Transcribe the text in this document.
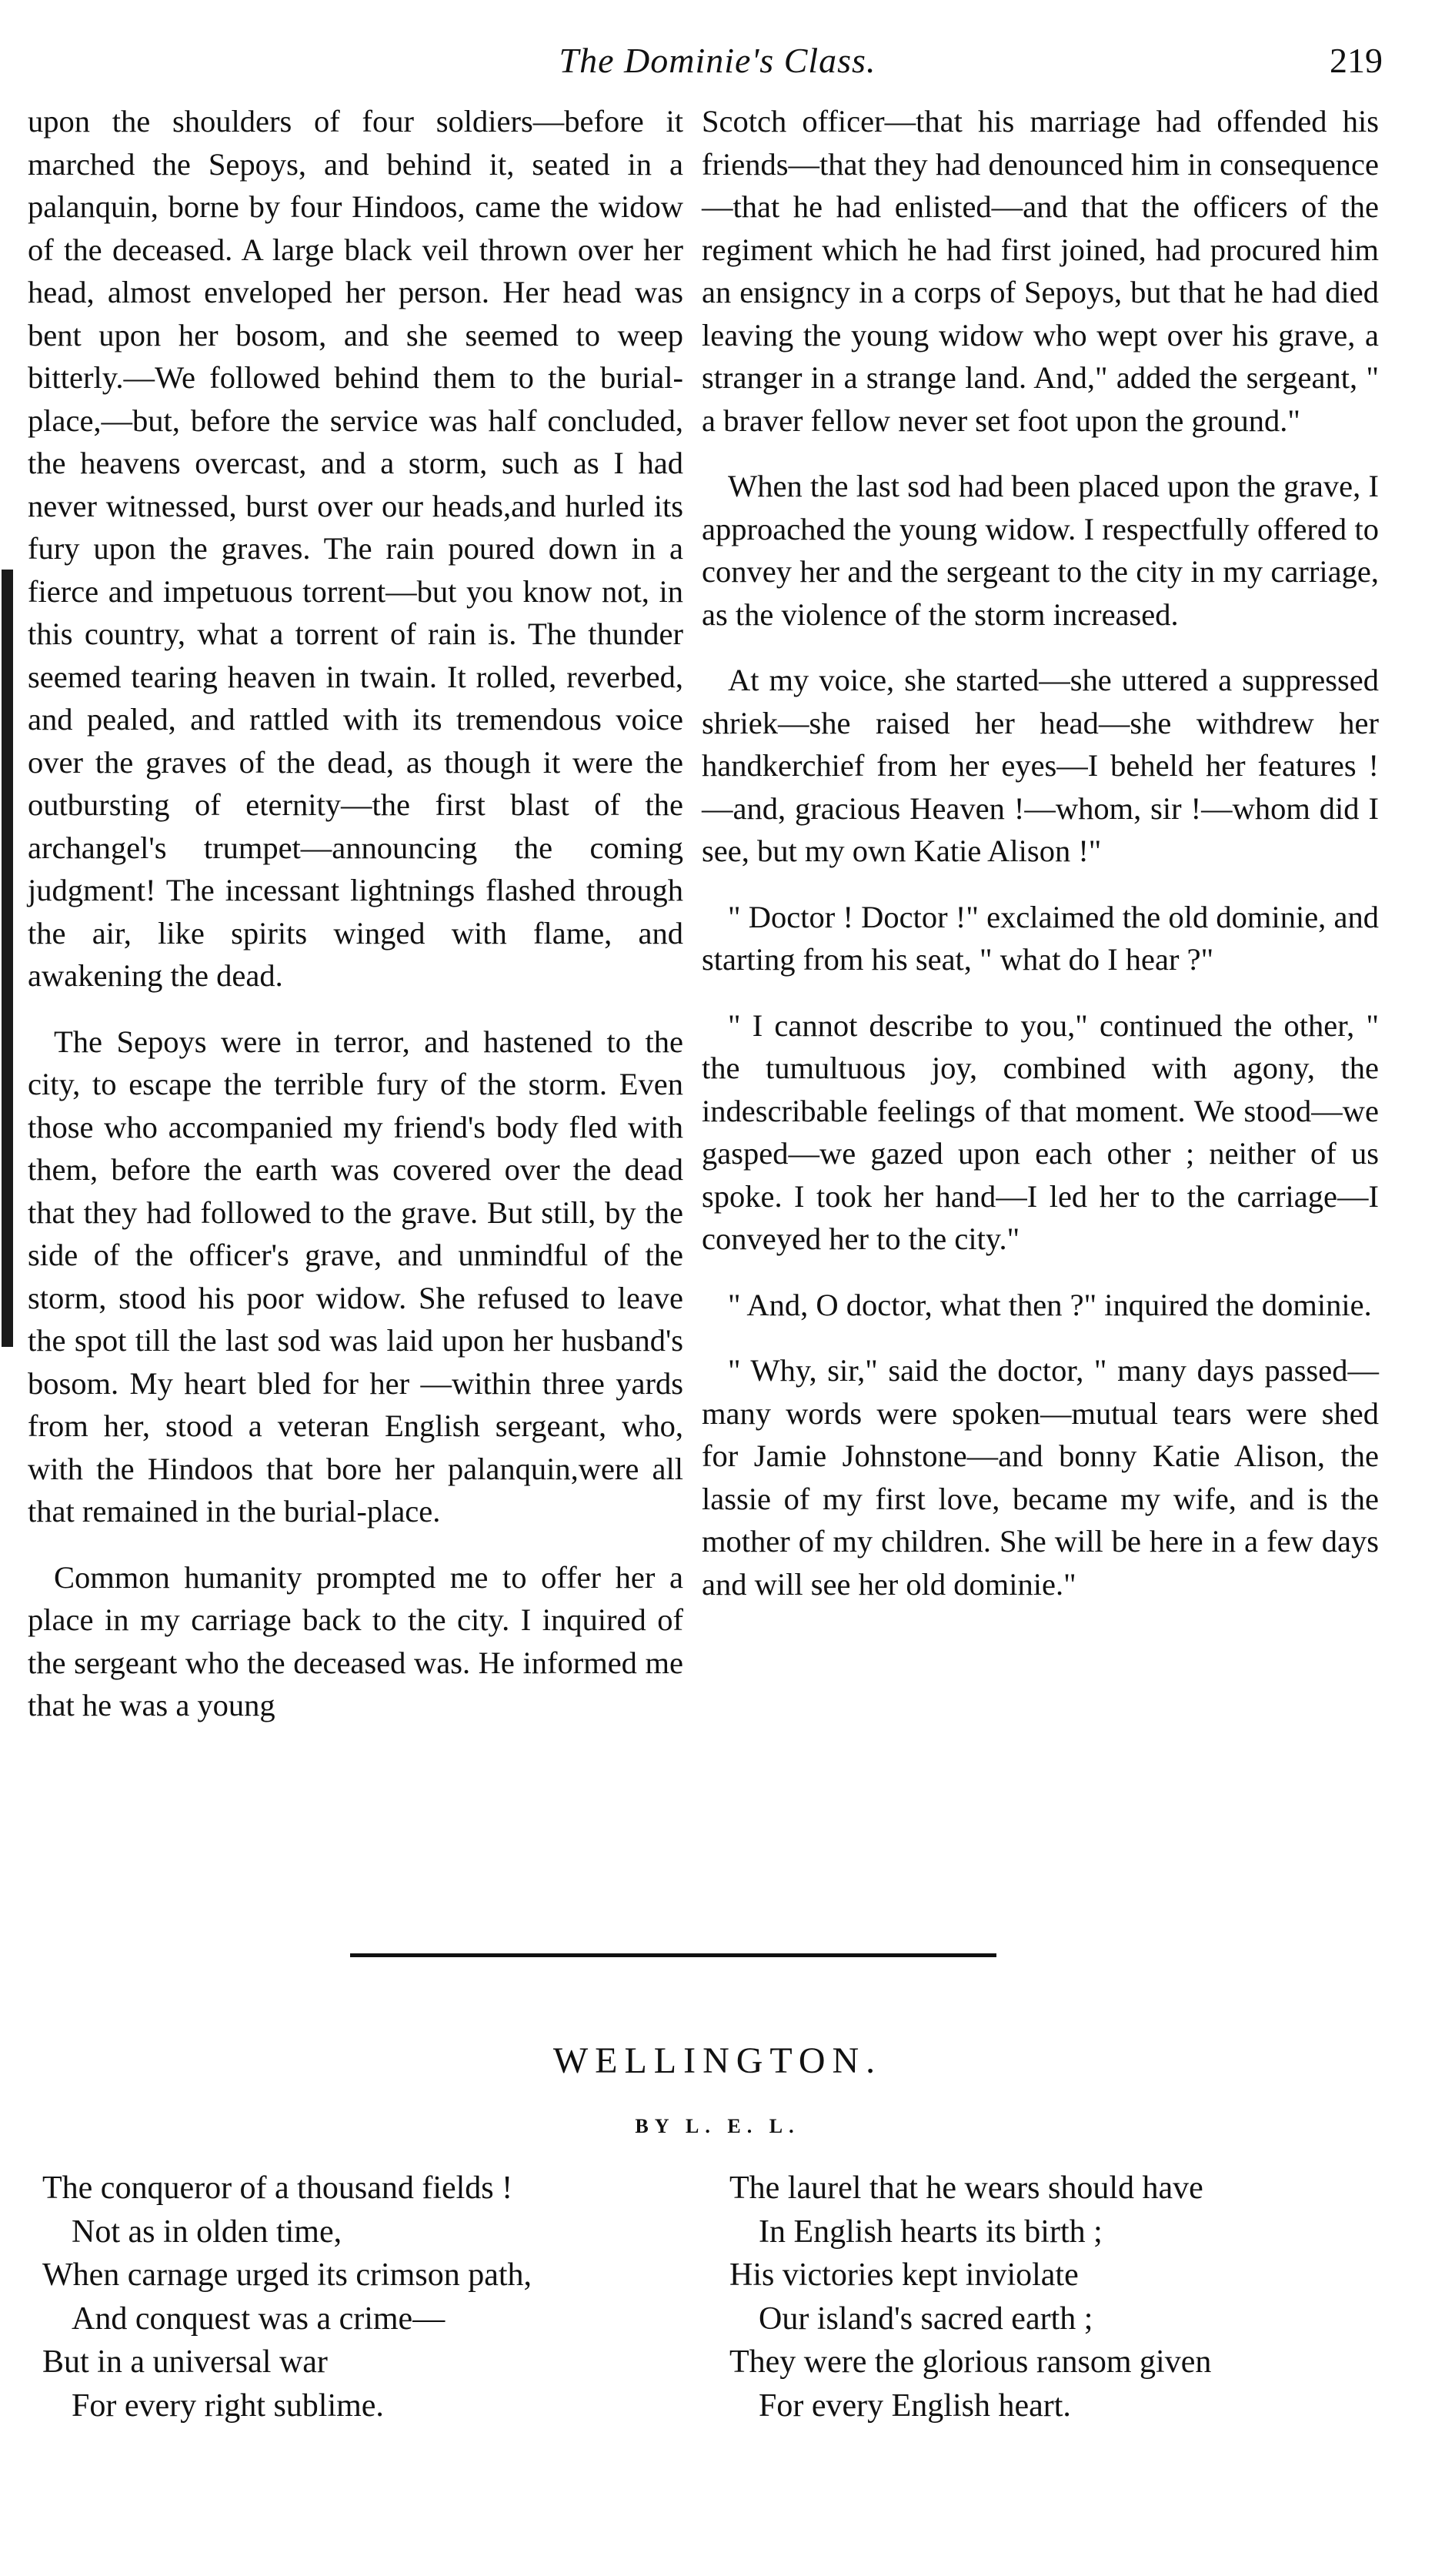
The Dominie's Class.	219

upon the shoulders of four soldiers—before it marched the Sepoys, and behind it, seated in a palanquin, borne by four Hindoos, came the widow of the deceased. A large black veil thrown over her head, almost enveloped her person. Her head was bent upon her bosom, and she seemed to weep bitterly.—We followed behind them to the burial-place,—but, before the service was half concluded, the heavens overcast, and a storm, such as I had never witnessed, burst over our heads,and hurled its fury upon the graves. The rain poured down in a fierce and impetuous torrent—but you know not, in this country, what a torrent of rain is. The thunder seemed tearing heaven in twain. It rolled, reverbed, and pealed, and rattled with its tremendous voice over the graves of the dead, as though it were the outbursting of eternity—the first blast of the archangel's trumpet—announcing the coming judgment! The incessant lightnings flashed through the air, like spirits winged with flame, and awakening the dead.

The Sepoys were in terror, and hastened to the city, to escape the terrible fury of the storm. Even those who accompanied my friend's body fled with them, before the earth was covered over the dead that they had followed to the grave. But still, by the side of the officer's grave, and unmindful of the storm, stood his poor widow. She refused to leave the spot till the last sod was laid upon her husband's bosom. My heart bled for her —within three yards from her, stood a veteran English sergeant, who, with the Hindoos that bore her palanquin,were all that remained in the burial-place.

Common humanity prompted me to offer her a place in my carriage back to the city. I inquired of the sergeant who the deceased was. He informed me that he was a young

Scotch officer—that his marriage had offended his friends—that they had denounced him in consequence—that he had enlisted—and that the officers of the regiment which he had first joined, had procured him an ensigncy in a corps of Sepoys, but that he had died leaving the young widow who wept over his grave, a stranger in a strange land. And," added the sergeant, " a braver fellow never set foot upon the ground."

When the last sod had been placed upon the grave, I approached the young widow. I respectfully offered to convey her and the sergeant to the city in my carriage, as the violence of the storm increased.

At my voice, she started—she uttered a suppressed shriek—she raised her head—she withdrew her handkerchief from her eyes—I beheld her features !—and, gracious Heaven !—whom, sir !—whom did I see, but my own Katie Alison !"

" Doctor ! Doctor !" exclaimed the old dominie, and starting from his seat, " what do I hear ?"

" I cannot describe to you," continued the other, " the tumultuous joy, combined with agony, the indescribable feelings of that moment. We stood—we gasped—we gazed upon each other ; neither of us spoke. I took her hand—I led her to the carriage—I conveyed her to the city."

" And, O doctor, what then ?" inquired the dominie.

" Why, sir," said the doctor, " many days passed—many words were spoken—mutual tears were shed for Jamie Johnstone—and bonny Katie Alison, the lassie of my first love, became my wife, and is the mother of my children. She will be here in a few days and will see her old dominie."

WELLINGTON.
BY L. E. L.
The conqueror of a thousand fields !
Not as in olden time,
When carnage urged its crimson path,
And conquest was a crime—
But in a universal war
For every right sublime.
The laurel that he wears should have
In English hearts its birth ;
His victories kept inviolate
Our island's sacred earth ;
They were the glorious ransom given
For every English heart.
